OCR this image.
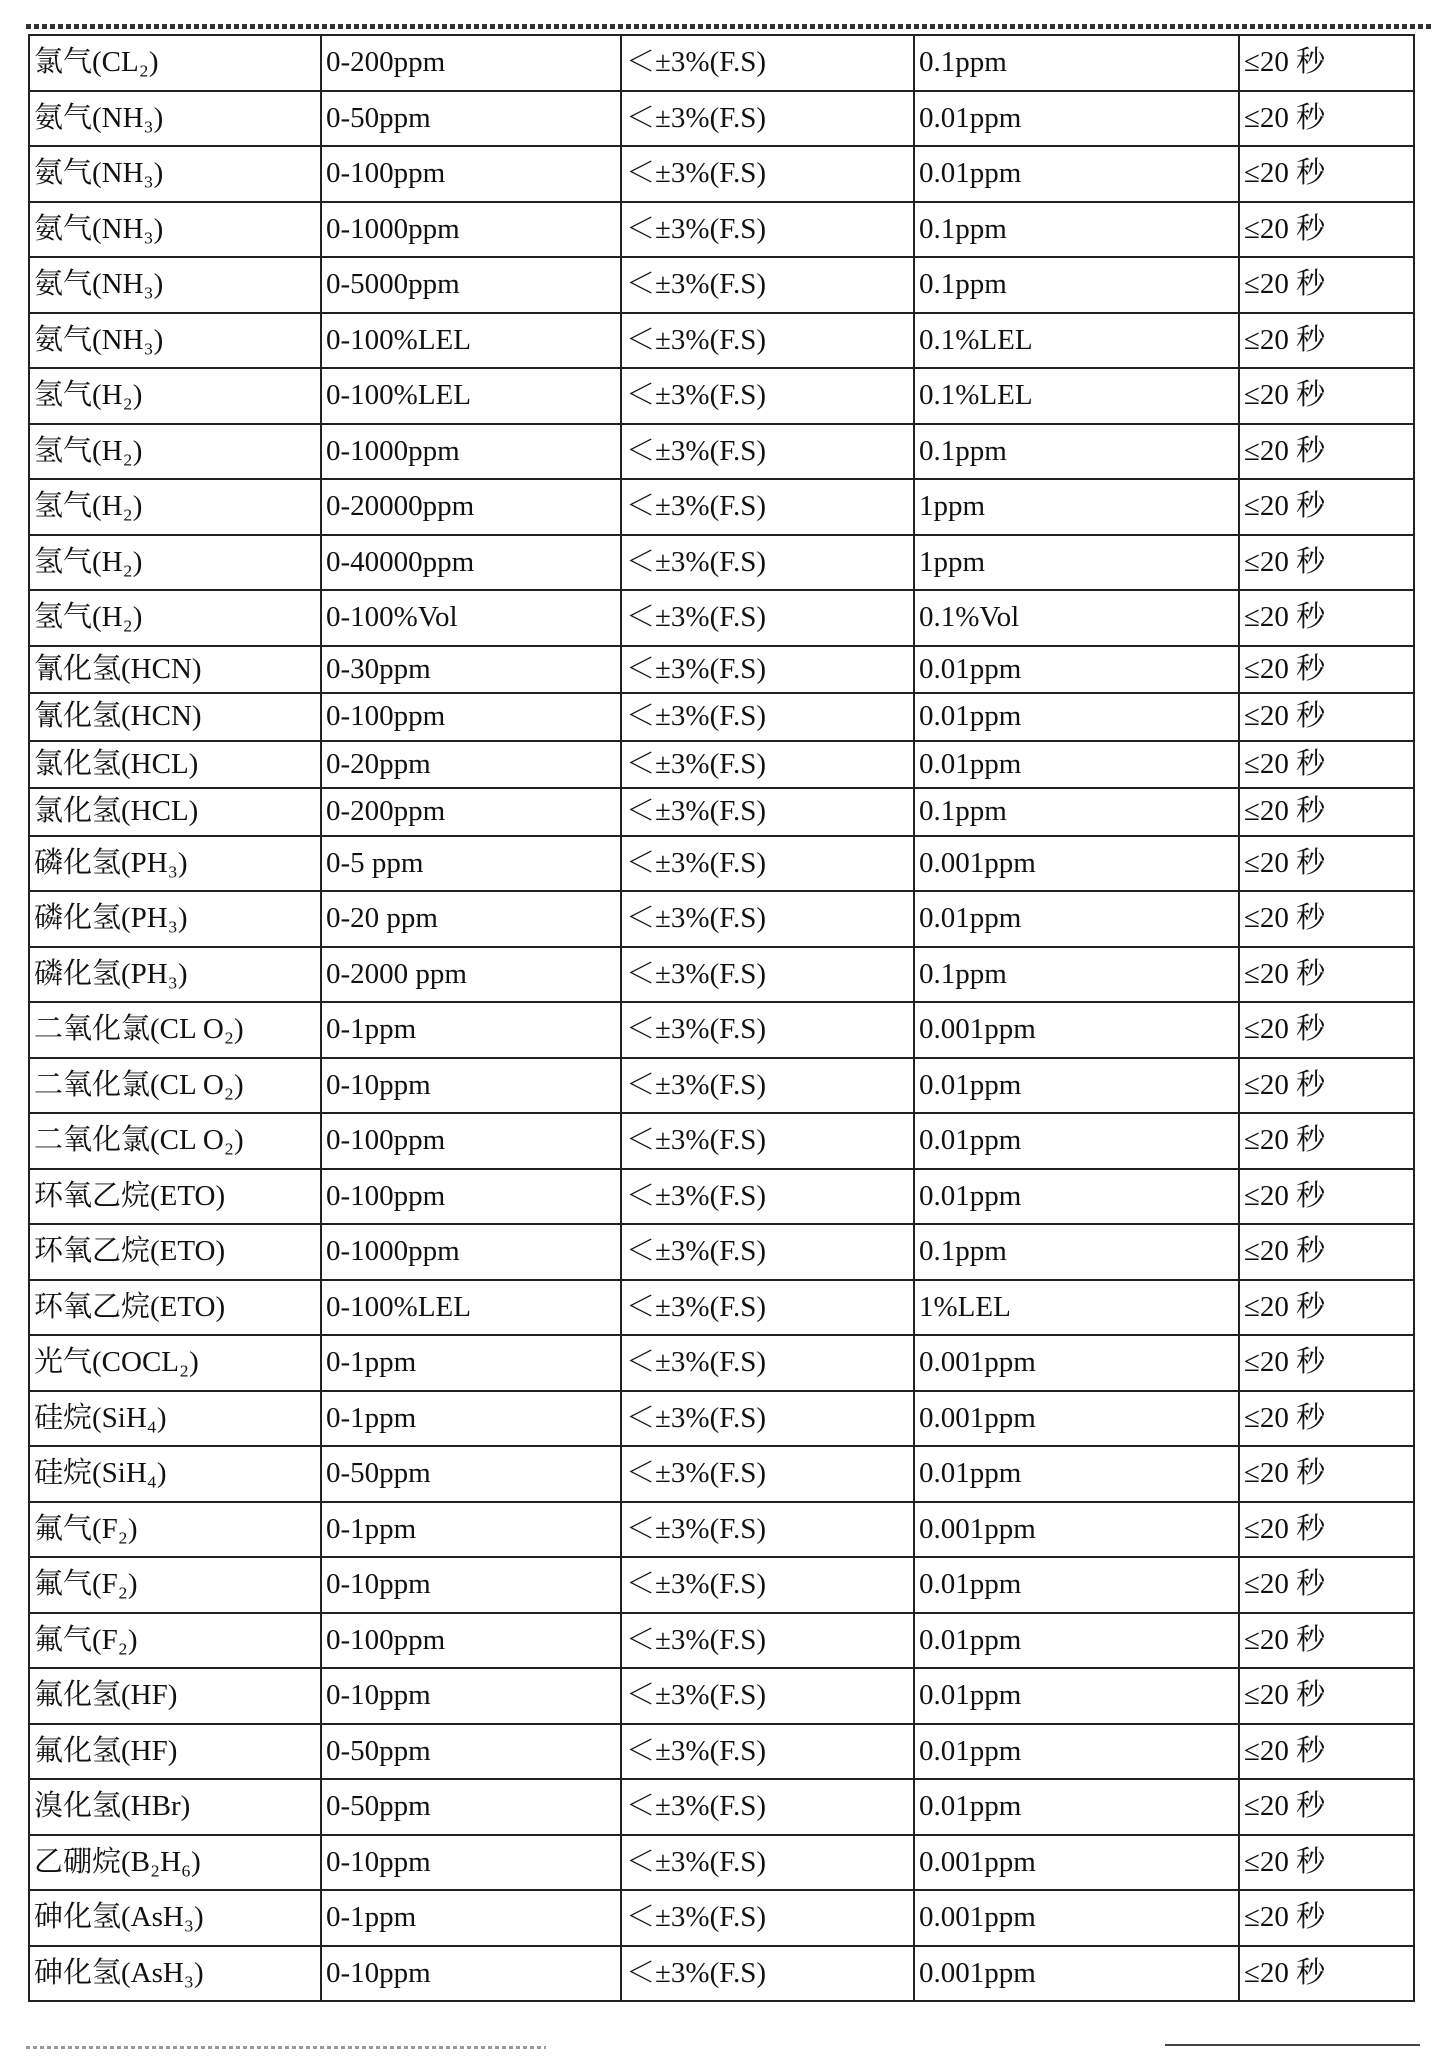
氯气(CL₂)	0-200ppm	＜±3%(F.S)	0.1ppm	≤20 秒
氨气(NH₃)	0-50ppm	＜±3%(F.S)	0.01ppm	≤20 秒
氨气(NH₃)	0-100ppm	＜±3%(F.S)	0.01ppm	≤20 秒
氨气(NH₃)	0-1000ppm	＜±3%(F.S)	0.1ppm	≤20 秒
氨气(NH₃)	0-5000ppm	＜±3%(F.S)	0.1ppm	≤20 秒
氨气(NH₃)	0-100%LEL	＜±3%(F.S)	0.1%LEL	≤20 秒
氢气(H₂)	0-100%LEL	＜±3%(F.S)	0.1%LEL	≤20 秒
氢气(H₂)	0-1000ppm	＜±3%(F.S)	0.1ppm	≤20 秒
氢气(H₂)	0-20000ppm	＜±3%(F.S)	1ppm	≤20 秒
氢气(H₂)	0-40000ppm	＜±3%(F.S)	1ppm	≤20 秒
氢气(H₂)	0-100%Vol	＜±3%(F.S)	0.1%Vol	≤20 秒
氰化氢(HCN)	0-30ppm	＜±3%(F.S)	0.01ppm	≤20 秒
氰化氢(HCN)	0-100ppm	＜±3%(F.S)	0.01ppm	≤20 秒
氯化氢(HCL)	0-20ppm	＜±3%(F.S)	0.01ppm	≤20 秒
氯化氢(HCL)	0-200ppm	＜±3%(F.S)	0.1ppm	≤20 秒
磷化氢(PH₃)	0-5 ppm	＜±3%(F.S)	0.001ppm	≤20 秒
磷化氢(PH₃)	0-20 ppm	＜±3%(F.S)	0.01ppm	≤20 秒
磷化氢(PH₃)	0-2000 ppm	＜±3%(F.S)	0.1ppm	≤20 秒
二氧化氯(CL O₂)	0-1ppm	＜±3%(F.S)	0.001ppm	≤20 秒
二氧化氯(CL O₂)	0-10ppm	＜±3%(F.S)	0.01ppm	≤20 秒
二氧化氯(CL O₂)	0-100ppm	＜±3%(F.S)	0.01ppm	≤20 秒
环氧乙烷(ETO)	0-100ppm	＜±3%(F.S)	0.01ppm	≤20 秒
环氧乙烷(ETO)	0-1000ppm	＜±3%(F.S)	0.1ppm	≤20 秒
环氧乙烷(ETO)	0-100%LEL	＜±3%(F.S)	1%LEL	≤20 秒
光气(COCL₂)	0-1ppm	＜±3%(F.S)	0.001ppm	≤20 秒
硅烷(SiH₄)	0-1ppm	＜±3%(F.S)	0.001ppm	≤20 秒
硅烷(SiH₄)	0-50ppm	＜±3%(F.S)	0.01ppm	≤20 秒
氟气(F₂)	0-1ppm	＜±3%(F.S)	0.001ppm	≤20 秒
氟气(F₂)	0-10ppm	＜±3%(F.S)	0.01ppm	≤20 秒
氟气(F₂)	0-100ppm	＜±3%(F.S)	0.01ppm	≤20 秒
氟化氢(HF)	0-10ppm	＜±3%(F.S)	0.01ppm	≤20 秒
氟化氢(HF)	0-50ppm	＜±3%(F.S)	0.01ppm	≤20 秒
溴化氢(HBr)	0-50ppm	＜±3%(F.S)	0.01ppm	≤20 秒
乙硼烷(B₂H₆)	0-10ppm	＜±3%(F.S)	0.001ppm	≤20 秒
砷化氢(AsH₃)	0-1ppm	＜±3%(F.S)	0.001ppm	≤20 秒
砷化氢(AsH₃)	0-10ppm	＜±3%(F.S)	0.001ppm	≤20 秒
